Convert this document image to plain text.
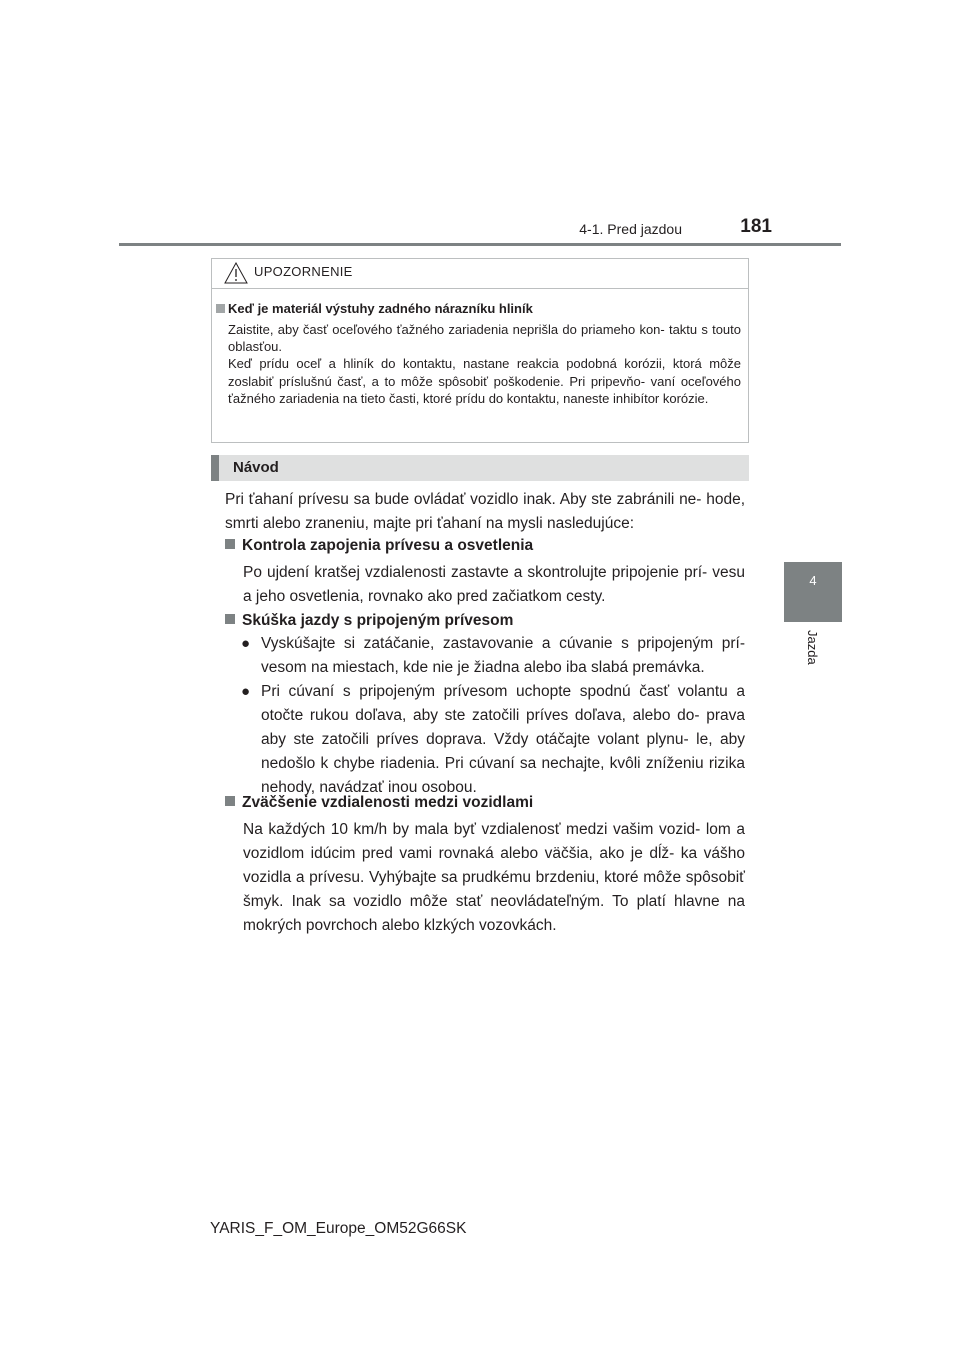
4-1. Pred jazdou	181
4
Jazda
UPOZORNENIE
Keď je materiál výstuhy zadného nárazníku hliník

Zaistite, aby časť oceľového ťažného zariadenia neprišla do priameho kon- taktu s touto oblasťou.

Keď prídu oceľ a hliník do kontaktu, nastane reakcia podobná korózii, ktorá môže zoslabiť príslušnú časť, a to môže spôsobiť poškodenie. Pri pripevňo- vaní oceľového ťažného zariadenia na tieto časti, ktoré prídu do kontaktu, naneste inhibítor korózie.

Návod
Pri ťahaní prívesu sa bude ovládať vozidlo inak. Aby ste zabránili ne- hode, smrti alebo zraneniu, majte pri ťahaní na mysli nasledujúce:
Kontrola zapojenia prívesu a osvetlenia
Po ujdení kratšej vzdialenosti zastavte a skontrolujte pripojenie prí- vesu a jeho osvetlenia, rovnako ako pred začiatkom cesty.
Skúška jazdy s pripojeným prívesom
● Vyskúšajte si zatáčanie, zastavovanie a cúvanie s pripojeným prí- vesom na miestach, kde nie je žiadna alebo iba slabá premávka.
● Pri cúvaní s pripojeným prívesom uchopte spodnú časť volantu a otočte rukou doľava, aby ste zatočili príves doľava, alebo do- prava aby ste zatočili príves doprava. Vždy otáčajte volant plynu- le, aby nedošlo k chybe riadenia. Pri cúvaní sa nechajte, kvôli zníženiu rizika nehody, navádzať inou osobou.
Zväčšenie vzdialenosti medzi vozidlami
Na každých 10 km/h by mala byť vzdialenosť medzi vašim vozid- lom a vozidlom idúcim pred vami rovnaká alebo väčšia, ako je dĺž- ka vášho vozidla a prívesu. Vyhýbajte sa prudkému brzdeniu, ktoré môže spôsobiť šmyk. Inak sa vozidlo môže stať neovládateľným. To platí hlavne na mokrých povrchoch alebo klzkých vozovkách.
YARIS_F_OM_Europe_OM52G66SK
